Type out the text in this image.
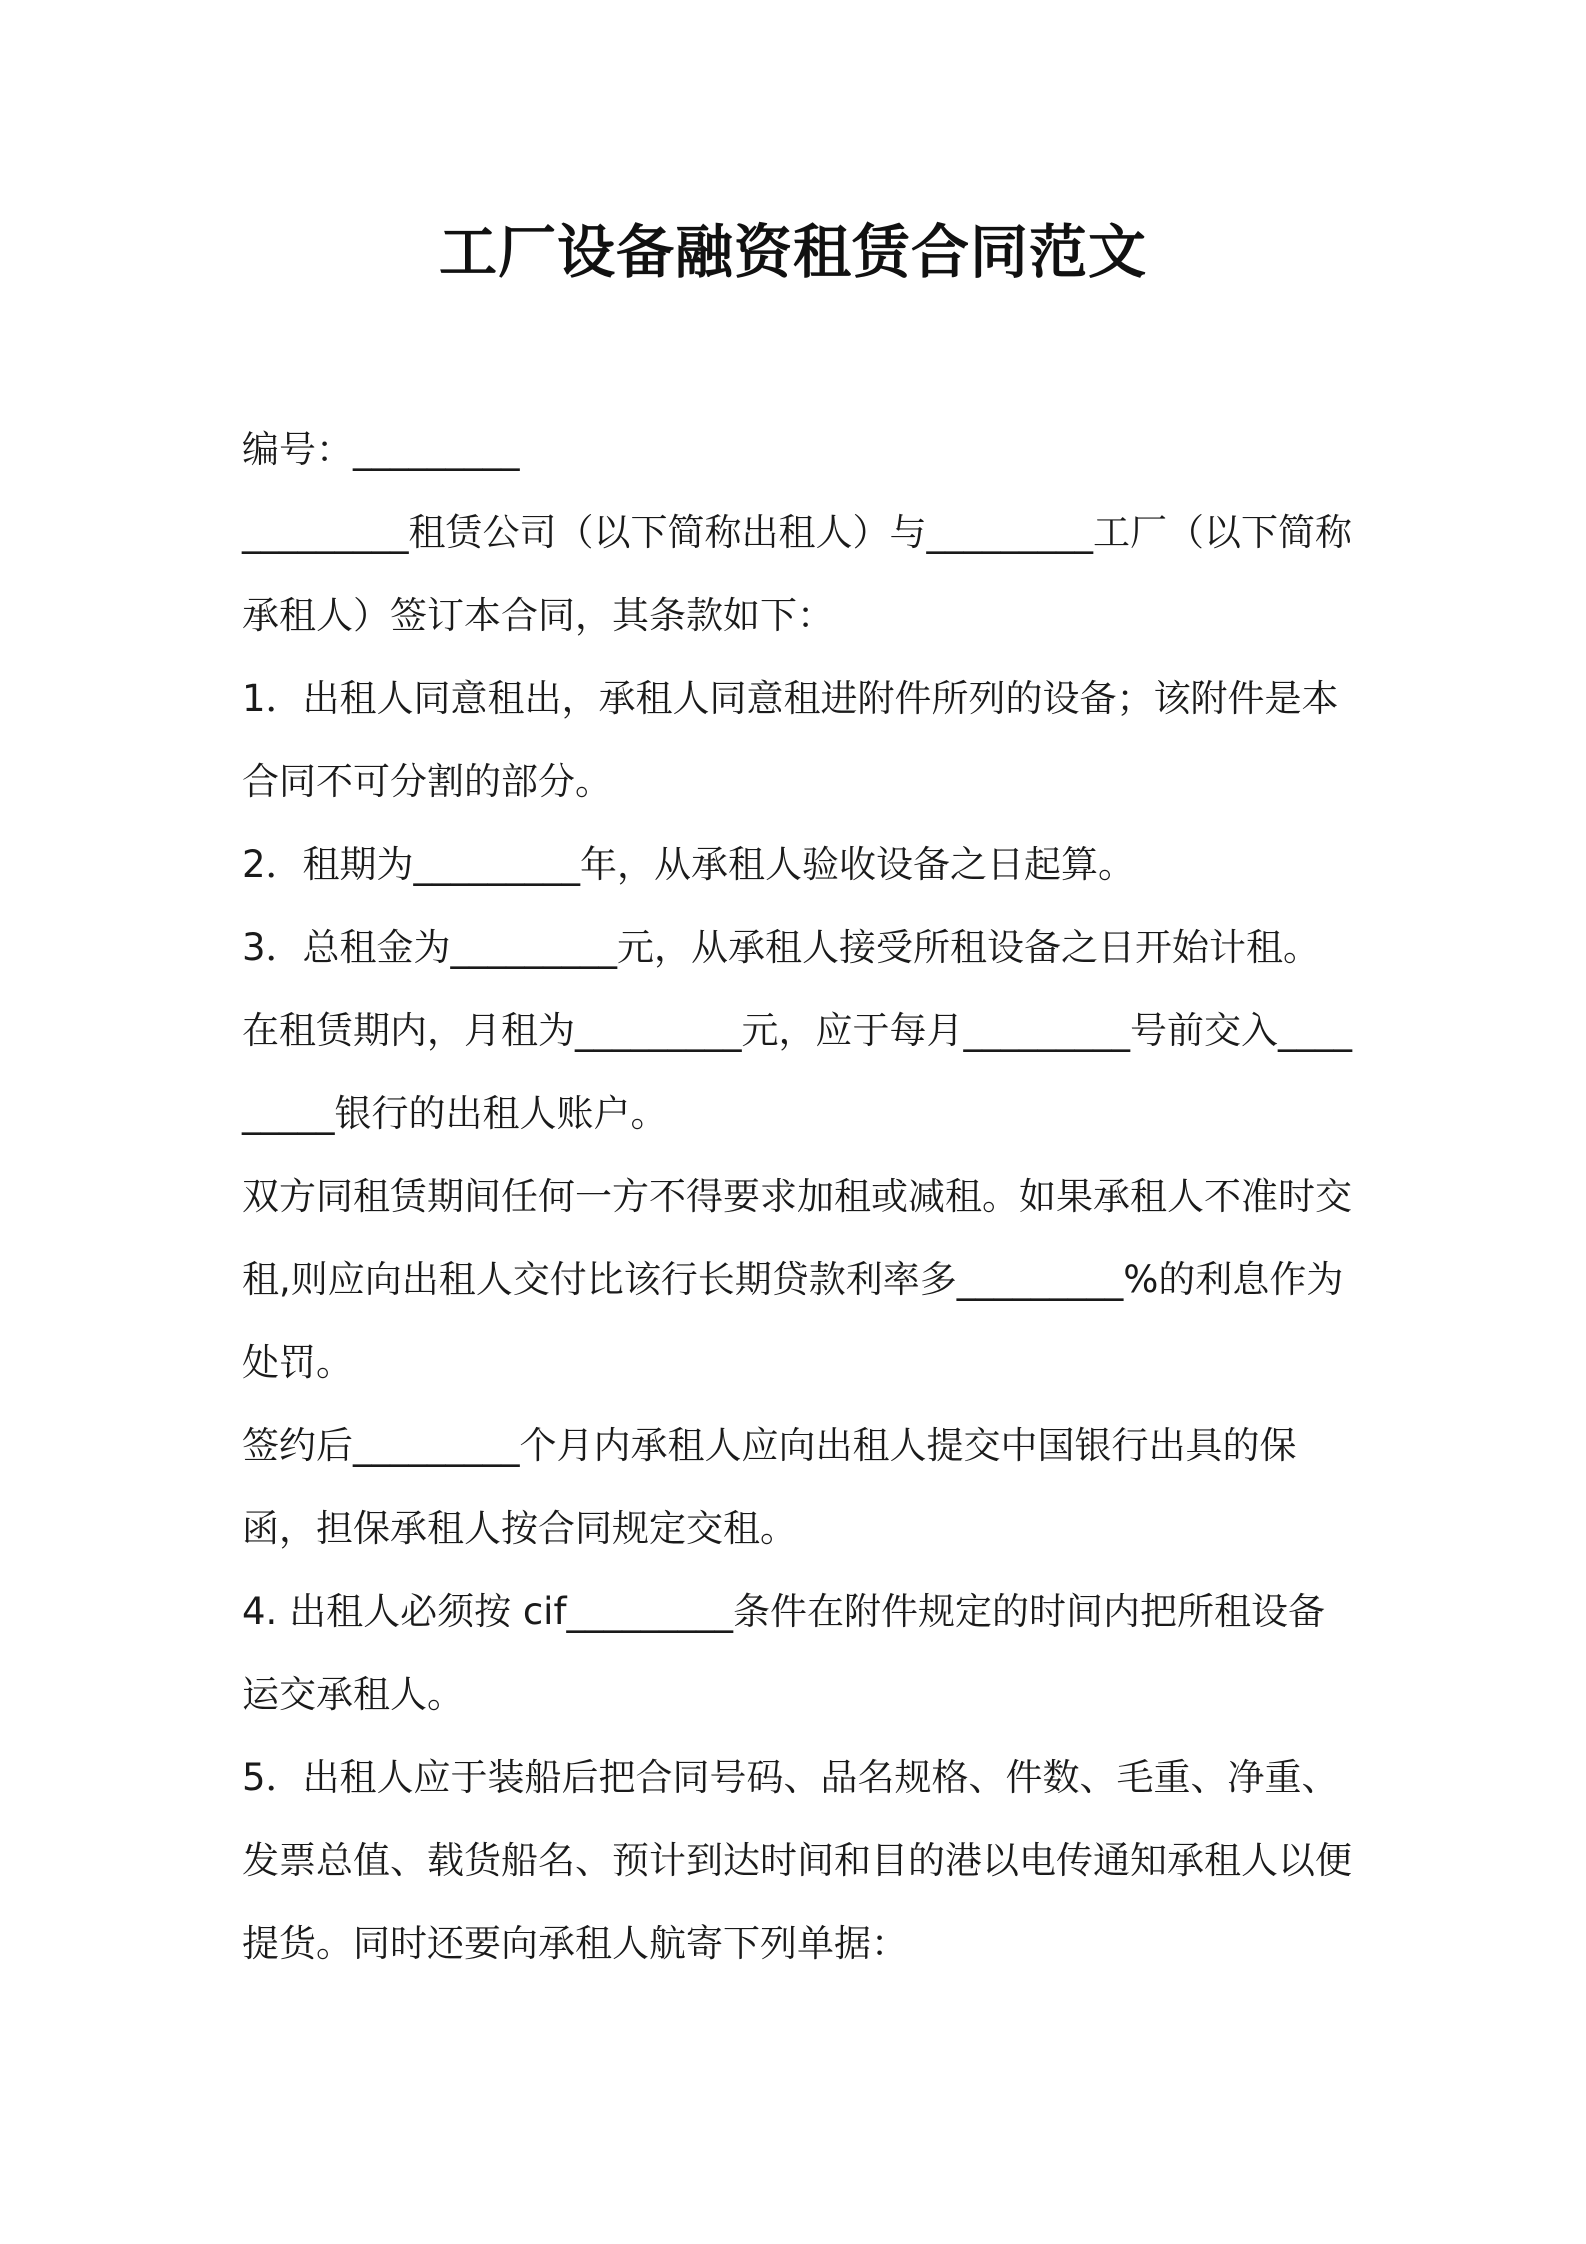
工厂设备融资租赁合同范文

编号：_________

_________租赁公司（以下简称出租人）与_________工厂（以下简称承租人）签订本合同，其条款如下：

1．出租人同意租出，承租人同意租进附件所列的设备；该附件是本合同不可分割的部分。

2．租期为_________年，从承租人验收设备之日起算。

3．总租金为_________元，从承租人接受所租设备之日开始计租。在租赁期内，月租为_________元，应于每月_________号前交入_________银行的出租人账户。

双方同租赁期间任何一方不得要求加租或减租。如果承租人不准时交租,则应向出租人交付比该行长期贷款利率多_________%的利息作为处罚。

签约后_________个月内承租人应向出租人提交中国银行出具的保函，担保承租人按合同规定交租。

4. 出租人必须按 cif_________条件在附件规定的时间内把所租设备运交承租人。

5．出租人应于装船后把合同号码、品名规格、件数、毛重、净重、发票总值、载货船名、预计到达时间和目的港以电传通知承租人以便提货。同时还要向承租人航寄下列单据：
